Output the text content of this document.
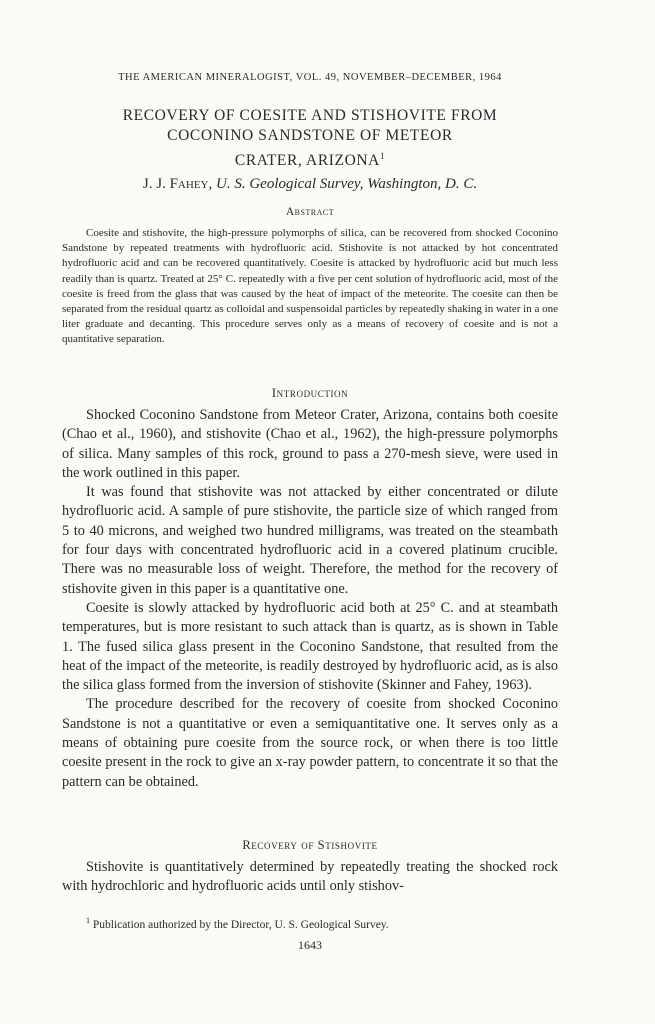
THE AMERICAN MINERALOGIST, VOL. 49, NOVEMBER–DECEMBER, 1964
RECOVERY OF COESITE AND STISHOVITE FROM
COCONINO SANDSTONE OF METEOR
CRATER, ARIZONA$^1$
J. J. Fahey, U. S. Geological Survey, Washington, D. C.
Abstract
Coesite and stishovite, the high-pressure polymorphs of silica, can be recovered from shocked Coconino Sandstone by repeated treatments with hydrofluoric acid. Stishovite is not attacked by hot concentrated hydrofluoric acid and can be recovered quantitatively. Coesite is attacked by hydrofluoric acid but much less readily than is quartz. Treated at 25° C. repeatedly with a five per cent solution of hydrofluoric acid, most of the coesite is freed from the glass that was caused by the heat of impact of the meteorite. The coesite can then be separated from the residual quartz as colloidal and suspensoidal particles by repeatedly shaking in water in a one liter graduate and decanting. This procedure serves only as a means of recovery of coesite and is not a quantitative separation.
Introduction

Shocked Coconino Sandstone from Meteor Crater, Arizona, contains both coesite (Chao et al., 1960), and stishovite (Chao et al., 1962), the high-pressure polymorphs of silica. Many samples of this rock, ground to pass a 270-mesh sieve, were used in the work outlined in this paper.

It was found that stishovite was not attacked by either concentrated or dilute hydrofluoric acid. A sample of pure stishovite, the particle size of which ranged from 5 to 40 microns, and weighed two hundred milligrams, was treated on the steambath for four days with concentrated hydrofluoric acid in a covered platinum crucible. There was no measurable loss of weight. Therefore, the method for the recovery of stishovite given in this paper is a quantitative one.

Coesite is slowly attacked by hydrofluoric acid both at 25° C. and at steambath temperatures, but is more resistant to such attack than is quartz, as is shown in Table 1. The fused silica glass present in the Coconino Sandstone, that resulted from the heat of the impact of the meteorite, is readily destroyed by hydrofluoric acid, as is also the silica glass formed from the inversion of stishovite (Skinner and Fahey, 1963).

The procedure described for the recovery of coesite from shocked Coconino Sandstone is not a quantitative or even a semiquantitative one. It serves only as a means of obtaining pure coesite from the source rock, or when there is too little coesite present in the rock to give an x-ray powder pattern, to concentrate it so that the pattern can be obtained.

Recovery of Stishovite

Stishovite is quantitatively determined by repeatedly treating the shocked rock with hydrochloric and hydrofluoric acids until only stishov-

$^1$ Publication authorized by the Director, U. S. Geological Survey.
1643
